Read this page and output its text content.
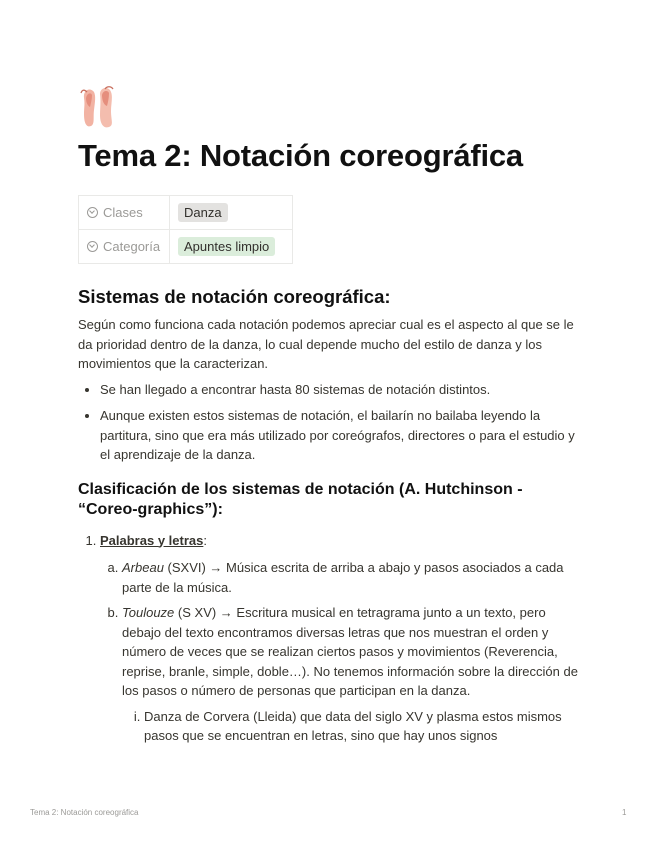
Tema 2: Notación coreográfica
Clases	Danza
Categoría	Apuntes limpio
Sistemas de notación coreográfica:

Según como funciona cada notación podemos apreciar cual es el aspecto al que se le da prioridad dentro de la danza, lo cual depende mucho del estilo de danza y los movimientos que la caracterizan.

• Se han llegado a encontrar hasta 80 sistemas de notación distintos.
• Aunque existen estos sistemas de notación, el bailarín no bailaba leyendo la partitura, sino que era más utilizado por coreógrafos, directores o para el estudio y el aprendizaje de la danza.
Clasificación de los sistemas de notación (A. Hutchinson - “Coreo-graphics”):
1. Palabras y letras:
a. Arbeau (SXVI) → Música escrita de arriba a abajo y pasos asociados a cada parte de la música.
b. Toulouze (S XV) → Escritura musical en tetragrama junto a un texto, pero debajo del texto encontramos diversas letras que nos muestran el orden y número de veces que se realizan ciertos pasos y movimientos (Reverencia, reprise, branle, simple, doble…). No tenemos información sobre la dirección de los pasos o número de personas que participan en la danza.
i. Danza de Corvera (Lleida) que data del siglo XV y plasma estos mismos pasos que se encuentran en letras, sino que hay unos signos
Tema 2: Notación coreográfica	1
